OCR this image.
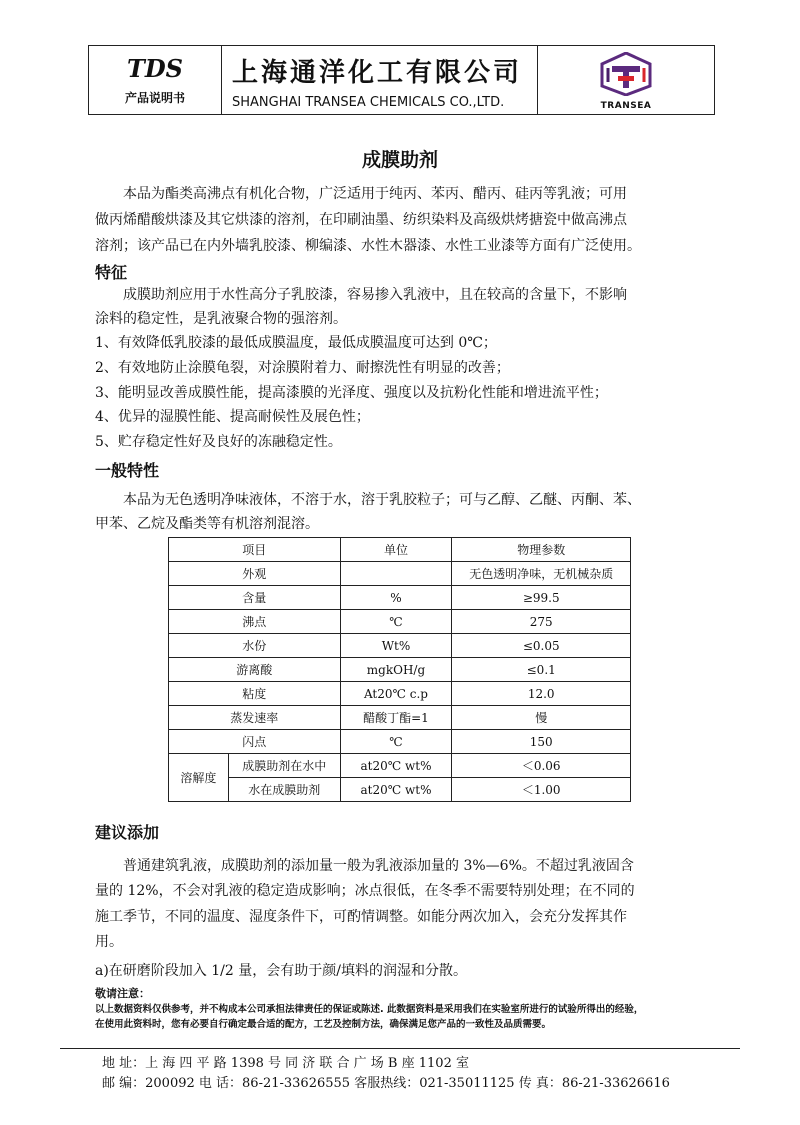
TDS
产品说明书
上海通洋化工有限公司
SHANGHAI TRANSEA CHEMICALS CO.,LTD.	TRANSEA
成膜助剂
本品为酯类高沸点有机化合物，广泛适用于纯丙、苯丙、醋丙、硅丙等乳液；可用
做丙烯醋酸烘漆及其它烘漆的溶剂，在印刷油墨、纺织染料及高级烘烤搪瓷中做高沸点
溶剂；该产品已在内外墙乳胶漆、柳编漆、水性木器漆、水性工业漆等方面有广泛使用。
特征
成膜助剂应用于水性高分子乳胶漆，容易掺入乳液中，且在较高的含量下，不影响
涂料的稳定性，是乳液聚合物的强溶剂。
1、有效降低乳胶漆的最低成膜温度，最低成膜温度可达到 0℃；
2、有效地防止涂膜龟裂，对涂膜附着力、耐擦洗性有明显的改善；
3、能明显改善成膜性能，提高漆膜的光泽度、强度以及抗粉化性能和增进流平性；
4、优异的湿膜性能、提高耐候性及展色性；
5、贮存稳定性好及良好的冻融稳定性。
一般特性
本品为无色透明净味液体，不溶于水，溶于乳胶粒子；可与乙醇、乙醚、丙酮、苯、
甲苯、乙烷及酯类等有机溶剂混溶。
项目		单位	物理参数
外观			无色透明净味，无机械杂质
含量		%	≥99.5
沸点		℃	275
水份		Wt%	≤0.05
游离酸		mgkOH/g	≤0.1
粘度		At20℃ c.p	12.0
蒸发速率		醋酸丁酯=1	慢
闪点		℃	150
溶解度	成膜助剂在水中	at20℃ wt%	＜0.06
	水在成膜助剂	at20℃ wt%	＜1.00
建议添加
普通建筑乳液，成膜助剂的添加量一般为乳液添加量的 3%—6%。不超过乳液固含
量的 12%，不会对乳液的稳定造成影响；冰点很低，在冬季不需要特别处理；在不同的
施工季节，不同的温度、湿度条件下，可酌情调整。如能分两次加入，会充分发挥其作
用。
a)在研磨阶段加入 1/2 量，会有助于颜/填料的润湿和分散。
敬请注意：
以上数据资料仅供参考，并不构成本公司承担法律责任的保证或陈述. 此数据资料是采用我们在实验室所进行的试验所得出的经验，
在使用此资料时，您有必要自行确定最合适的配方，工艺及控制方法，确保满足您产品的一致性及品质需要。
地 址：上 海 四 平 路 1398 号 同 济 联 合 广 场 B 座 1102 室
邮 编：200092 电 话：86-21-33626555 客服热线：021-35011125 传 真：86-21-33626616
